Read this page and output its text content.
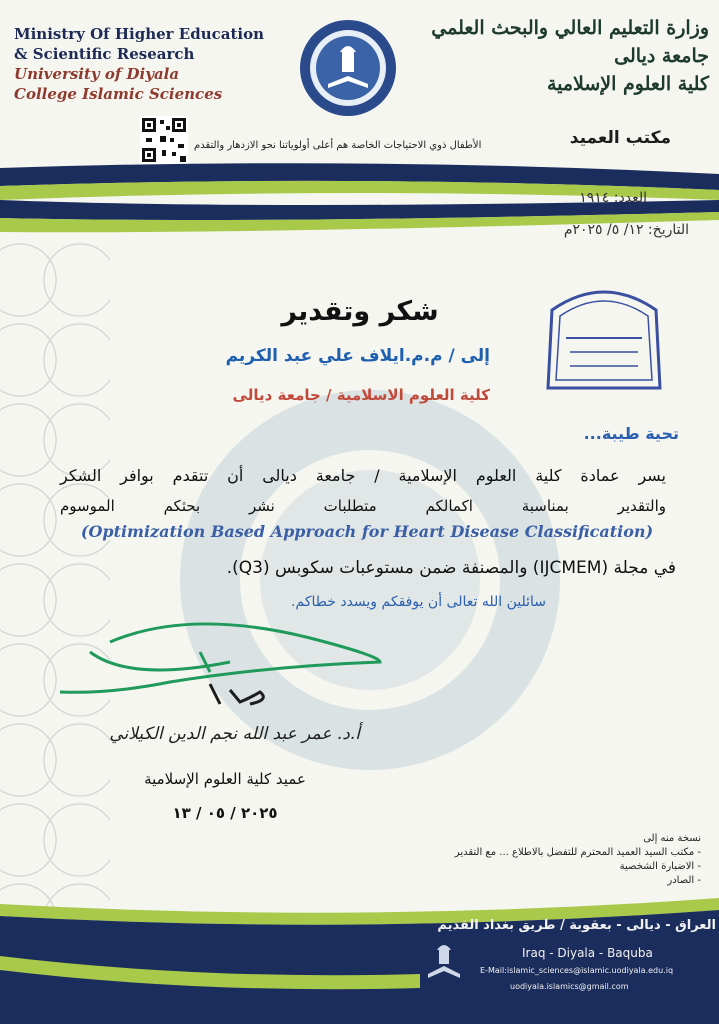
Ministry Of Higher Education
& Scientific Research
University of Diyala
College Islamic Sciences
وزارة التعليم العالي والبحث العلمي
جامعة ديالى
كلية العلوم الإسلامية
الأطفال ذوي الاحتياجات الخاصة هم أعلى أولوياتنا نحو الازدهار والتقدم	مكتب العميد
العدد: ١٩١٤
التاريخ: ١٢/ ٥/ ٢٠٢٥م
شكر وتقدير
إلى / م.م.ايلاف علي عبد الكريم
كلية العلوم الاسلامية / جامعة ديالى
تحية طيبة...
يسر عمادة كلية العلوم الإسلامية / جامعة ديالى أن تتقدم بوافر الشكر
والتقدير بمناسبة اكمالكم متطلبات نشر بحثكم الموسوم
(Optimization Based Approach for Heart Disease Classification)
في مجلة (IJCMEM) والمصنفة ضمن مستوعبات سكوبس (Q3).
سائلين الله تعالى أن يوفقكم ويسدد خطاكم.
أ.د. عمر عبد الله نجم الدين الكيلاني
عميد كلية العلوم الإسلامية
٢٠٢٥ / ٠٥ / ١٣
نسخة منه إلى
- مكتب السيد العميد المحترم للتفضل بالاطلاع ... مع التقدير
- الاضبارة الشخصية
- الصادر
العراق - ديالى - بعقوبة / طريق بغداد القديم
Iraq - Diyala - Baquba
E-Mail:islamic_sciences@islamic.uodiyala.edu.iq
uodiyala.islamics@gmail.com
